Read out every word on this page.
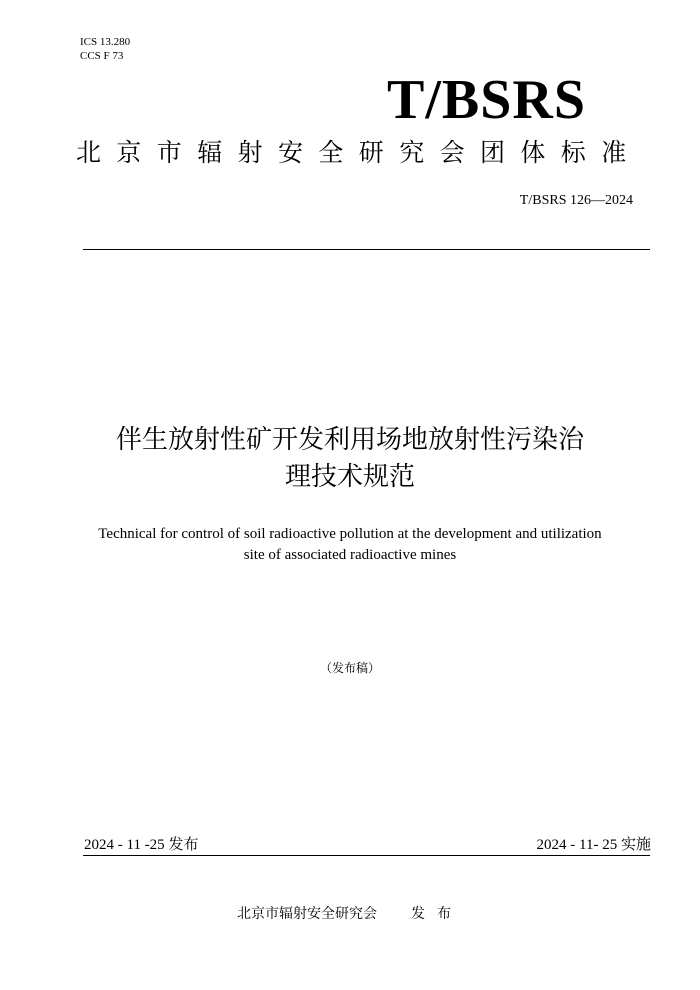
ICS 13.280
CCS F 73
T/BSRS
北京市辐射安全研究会团体标准
T/BSRS 126—2024
伴生放射性矿开发利用场地放射性污染治
理技术规范
Technical for control of soil radioactive pollution at the development and utilization
site of associated radioactive mines
（发布稿）
2024 - 11 -25 发布	2024 - 11- 25 实施
北京市辐射安全研究会 发布
